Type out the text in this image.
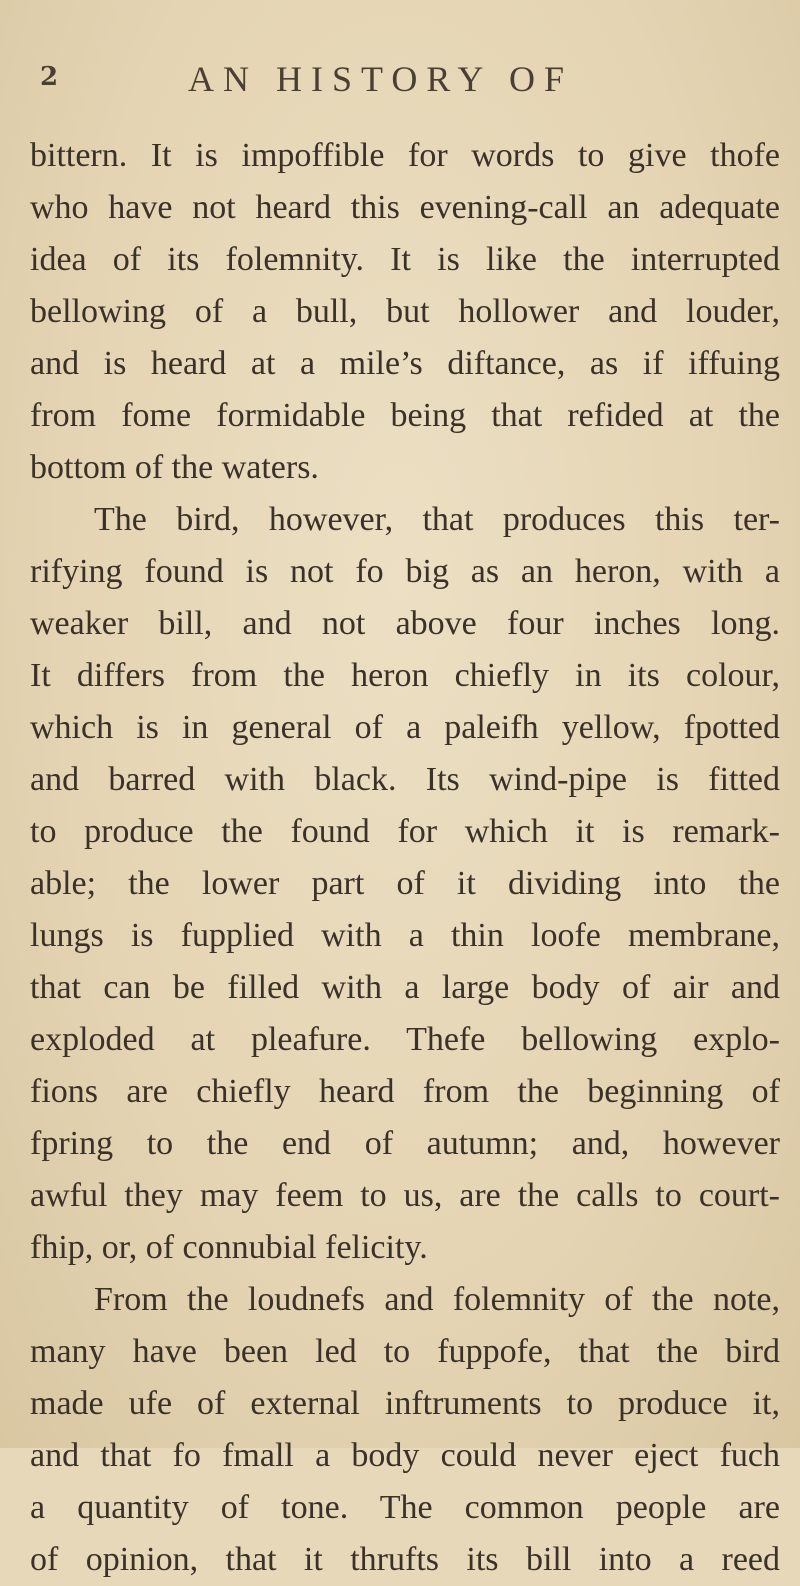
2	AN HISTORY OF
bittern. It is impoffible for words to give thofe
who have not heard this evening-call an adequate
idea of its folemnity. It is like the interrupted
bellowing of a bull, but hollower and louder,
and is heard at a mile’s diftance, as if iffuing
from fome formidable being that refided at the
bottom of the waters.
The bird, however, that produces this ter-
rifying found is not fo big as an heron, with a
weaker bill, and not above four inches long.
It differs from the heron chiefly in its colour,
which is in general of a paleifh yellow, fpotted
and barred with black. Its wind-pipe is fitted
to produce the found for which it is remark-
able; the lower part of it dividing into the
lungs is fupplied with a thin loofe membrane,
that can be filled with a large body of air and
exploded at pleafure. Thefe bellowing explo-
fions are chiefly heard from the beginning of
fpring to the end of autumn; and, however
awful they may feem to us, are the calls to court-
fhip, or, of connubial felicity.
From the loudnefs and folemnity of the note,
many have been led to fuppofe, that the bird
made ufe of external inftruments to produce it,
and that fo fmall a body could never eject fuch
a quantity of tone. The common people are
of opinion, that it thrufts its bill into a reed
